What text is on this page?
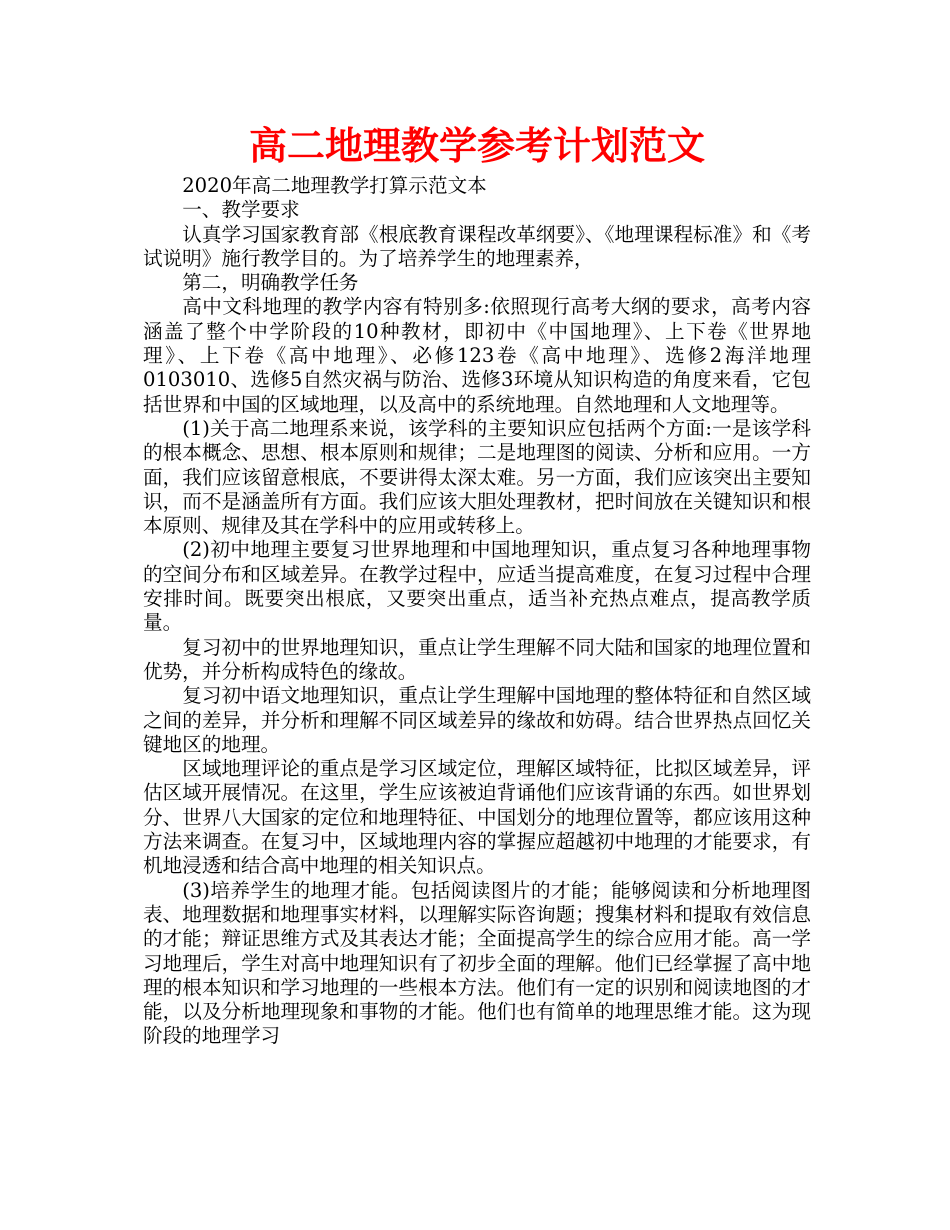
高二地理教学参考计划范文

2020年高二地理教学打算示范文本

一、教学要求

认真学习国家教育部《根底教育课程改革纲要》、《地理课程标准》和《考试说明》施行教学目的。为了培养学生的地理素养，

第二，明确教学任务

高中文科地理的教学内容有特别多:依照现行高考大纲的要求，高考内容涵盖了整个中学阶段的10种教材，即初中《中国地理》、上下卷《世界地理》、上下卷《高中地理》、必修123卷《高中地理》、选修2海洋地理0103010、选修5自然灾祸与防治、选修3环境从知识构造的角度来看，它包括世界和中国的区域地理，以及高中的系统地理。自然地理和人文地理等。

(1)关于高二地理系来说，该学科的主要知识应包括两个方面:一是该学科的根本概念、思想、根本原则和规律；二是地理图的阅读、分析和应用。一方面，我们应该留意根底，不要讲得太深太难。另一方面，我们应该突出主要知识，而不是涵盖所有方面。我们应该大胆处理教材，把时间放在关键知识和根本原则、规律及其在学科中的应用或转移上。

(2)初中地理主要复习世界地理和中国地理知识，重点复习各种地理事物的空间分布和区域差异。在教学过程中，应适当提高难度，在复习过程中合理安排时间。既要突出根底，又要突出重点，适当补充热点难点，提高教学质量。

复习初中的世界地理知识，重点让学生理解不同大陆和国家的地理位置和优势，并分析构成特色的缘故。

复习初中语文地理知识，重点让学生理解中国地理的整体特征和自然区域之间的差异，并分析和理解不同区域差异的缘故和妨碍。结合世界热点回忆关键地区的地理。

区域地理评论的重点是学习区域定位，理解区域特征，比拟区域差异，评估区域开展情况。在这里，学生应该被迫背诵他们应该背诵的东西。如世界划分、世界八大国家的定位和地理特征、中国划分的地理位置等，都应该用这种方法来调查。在复习中，区域地理内容的掌握应超越初中地理的才能要求，有机地浸透和结合高中地理的相关知识点。

(3)培养学生的地理才能。包括阅读图片的才能；能够阅读和分析地理图表、地理数据和地理事实材料，以理解实际咨询题；搜集材料和提取有效信息的才能；辩证思维方式及其表达才能；全面提高学生的综合应用才能。高一学习地理后，学生对高中地理知识有了初步全面的理解。他们已经掌握了高中地理的根本知识和学习地理的一些根本方法。他们有一定的识别和阅读地图的才能，以及分析地理现象和事物的才能。他们也有简单的地理思维才能。这为现阶段的地理学习
